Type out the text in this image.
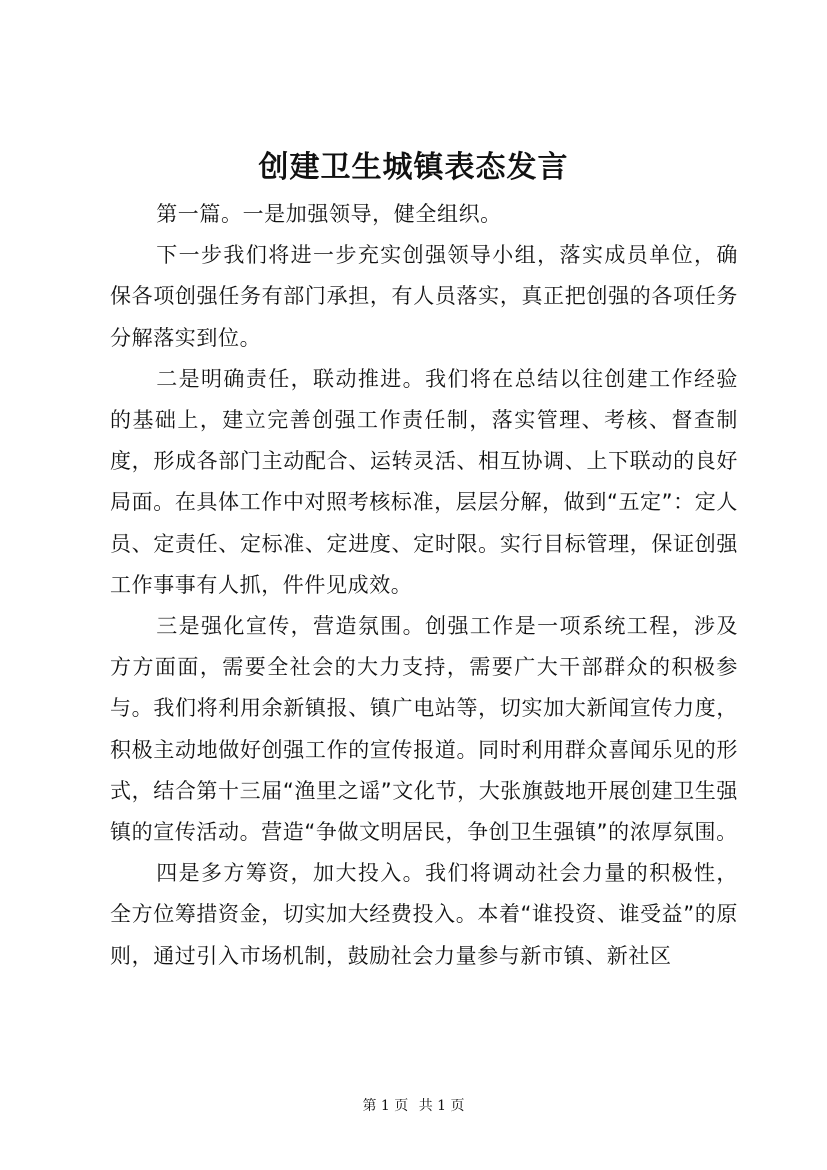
创建卫生城镇表态发言

第一篇。一是加强领导，健全组织。

下一步我们将进一步充实创强领导小组，落实成员单位，确保各项创强任务有部门承担，有人员落实，真正把创强的各项任务分解落实到位。

二是明确责任，联动推进。我们将在总结以往创建工作经验的基础上，建立完善创强工作责任制，落实管理、考核、督查制度，形成各部门主动配合、运转灵活、相互协调、上下联动的良好局面。在具体工作中对照考核标准，层层分解，做到“五定”：定人员、定责任、定标准、定进度、定时限。实行目标管理，保证创强工作事事有人抓，件件见成效。

三是强化宣传，营造氛围。创强工作是一项系统工程，涉及方方面面，需要全社会的大力支持，需要广大干部群众的积极参与。我们将利用余新镇报、镇广电站等，切实加大新闻宣传力度，积极主动地做好创强工作的宣传报道。同时利用群众喜闻乐见的形式，结合第十三届“渔里之谣”文化节，大张旗鼓地开展创建卫生强镇的宣传活动。营造“争做文明居民，争创卫生强镇”的浓厚氛围。

四是多方筹资，加大投入。我们将调动社会力量的积极性，全方位筹措资金，切实加大经费投入。本着“谁投资、谁受益”的原则，通过引入市场机制，鼓励社会力量参与新市镇、新社区

第 1 页 共 1 页
